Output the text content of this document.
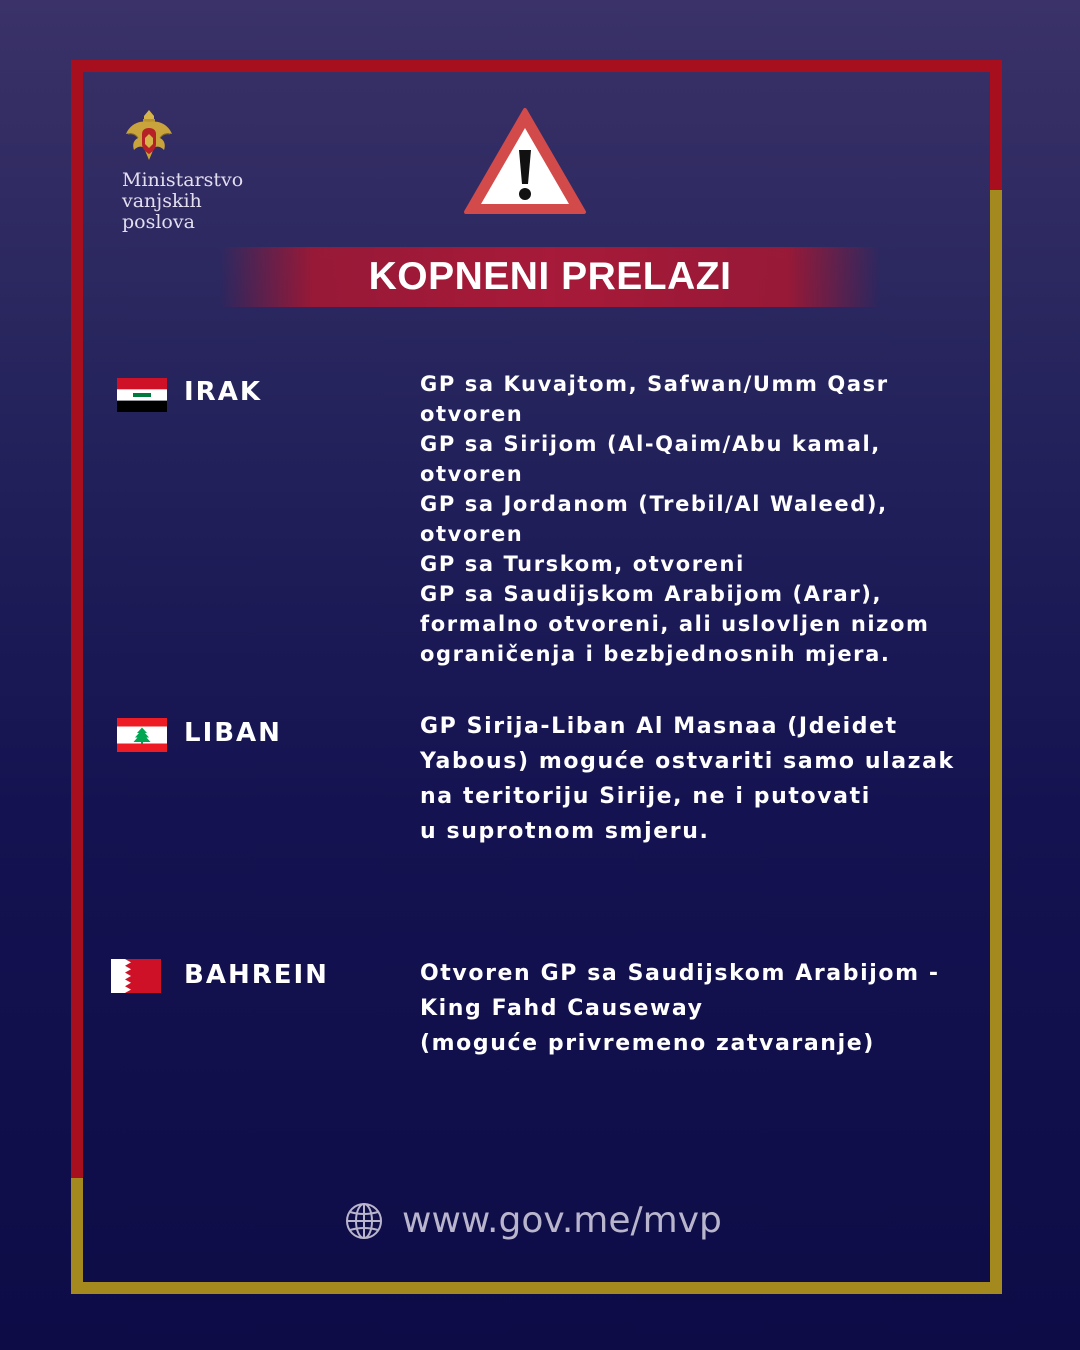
Ministarstvo
vanjskih
poslova
KOPNENI PRELAZI
IRAK	GP sa Kuvajtom, Safwan/Umm Qasr
otvoren
GP sa Sirijom (Al-Qaim/Abu kamal,
otvoren
GP sa Jordanom (Trebil/Al Waleed),
otvoren
GP sa Turskom, otvoreni
GP sa Saudijskom Arabijom (Arar),
formalno otvoreni, ali uslovljen nizom
ograničenja i bezbjednosnih mjera.
LIBAN	GP Sirija-Liban Al Masnaa (Jdeidet
Yabous) moguće ostvariti samo ulazak
na teritoriju Sirije, ne i putovati
u suprotnom smjeru.
BAHREIN	Otvoren GP sa Saudijskom Arabijom -
King Fahd Causeway
(moguće privremeno zatvaranje)
www.gov.me/mvp
